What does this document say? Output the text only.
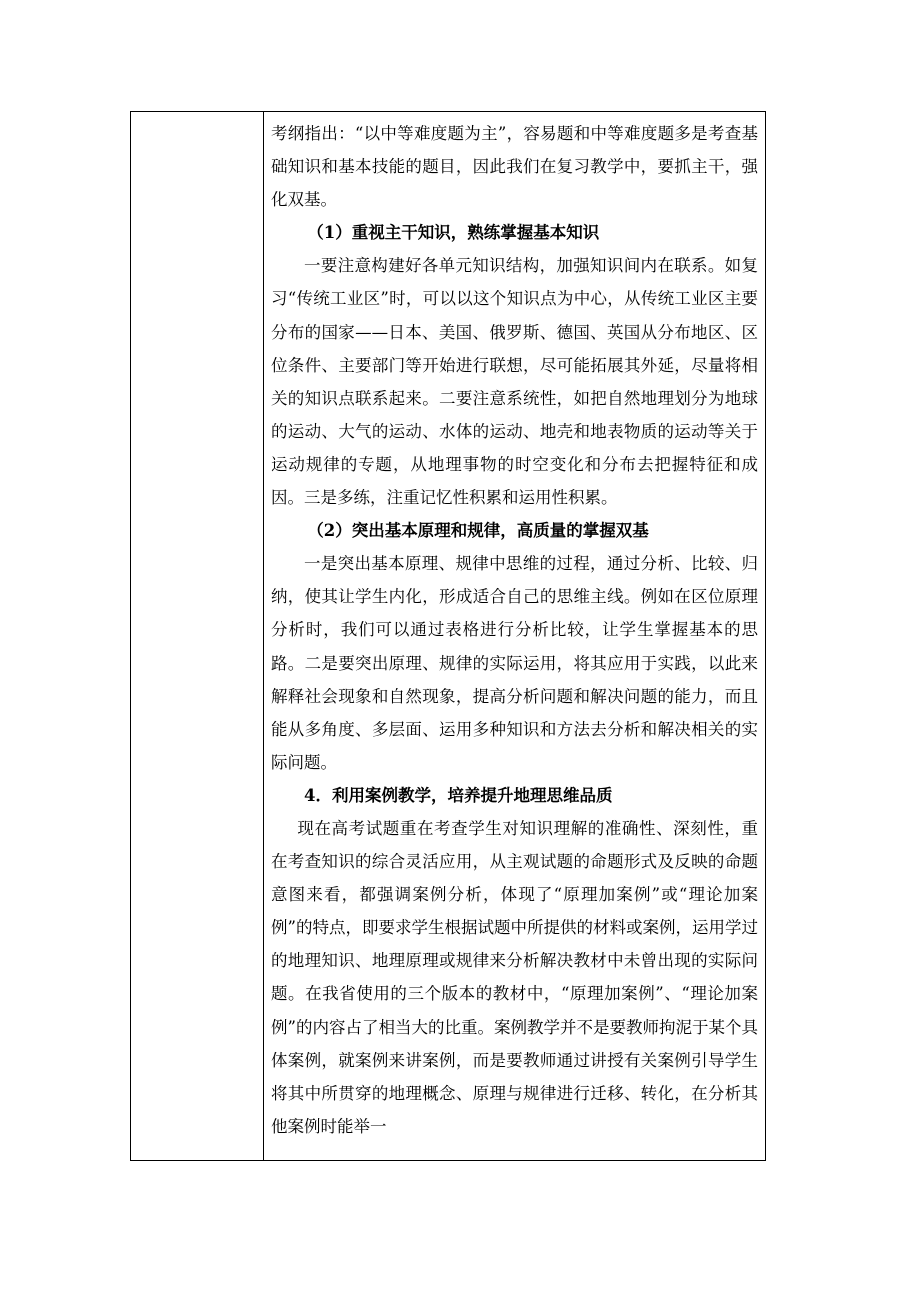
考纲指出：“以中等难度题为主”，容易题和中等难度题多是考查基础知识和基本技能的题目，因此我们在复习教学中，要抓主干，强化双基。

（1）重视主干知识，熟练掌握基本知识

一要注意构建好各单元知识结构，加强知识间内在联系。如复习“传统工业区”时，可以以这个知识点为中心，从传统工业区主要分布的国家——日本、美国、俄罗斯、德国、英国从分布地区、区位条件、主要部门等开始进行联想，尽可能拓展其外延，尽量将相关的知识点联系起来。二要注意系统性，如把自然地理划分为地球的运动、大气的运动、水体的运动、地壳和地表物质的运动等关于运动规律的专题，从地理事物的时空变化和分布去把握特征和成因。三是多练，注重记忆性积累和运用性积累。

（2）突出基本原理和规律，高质量的掌握双基

一是突出基本原理、规律中思维的过程，通过分析、比较、归纳，使其让学生内化，形成适合自己的思维主线。例如在区位原理分析时，我们可以通过表格进行分析比较，让学生掌握基本的思路。二是要突出原理、规律的实际运用，将其应用于实践，以此来解释社会现象和自然现象，提高分析问题和解决问题的能力，而且能从多角度、多层面、运用多种知识和方法去分析和解决相关的实际问题。

4．利用案例教学，培养提升地理思维品质

现在高考试题重在考查学生对知识理解的准确性、深刻性，重在考查知识的综合灵活应用，从主观试题的命题形式及反映的命题意图来看，都强调案例分析，体现了“原理加案例”或“理论加案例”的特点，即要求学生根据试题中所提供的材料或案例，运用学过的地理知识、地理原理或规律来分析解决教材中未曾出现的实际问题。在我省使用的三个版本的教材中，“原理加案例”、“理论加案例”的内容占了相当大的比重。案例教学并不是要教师拘泥于某个具体案例，就案例来讲案例，而是要教师通过讲授有关案例引导学生将其中所贯穿的地理概念、原理与规律进行迁移、转化，在分析其他案例时能举一
